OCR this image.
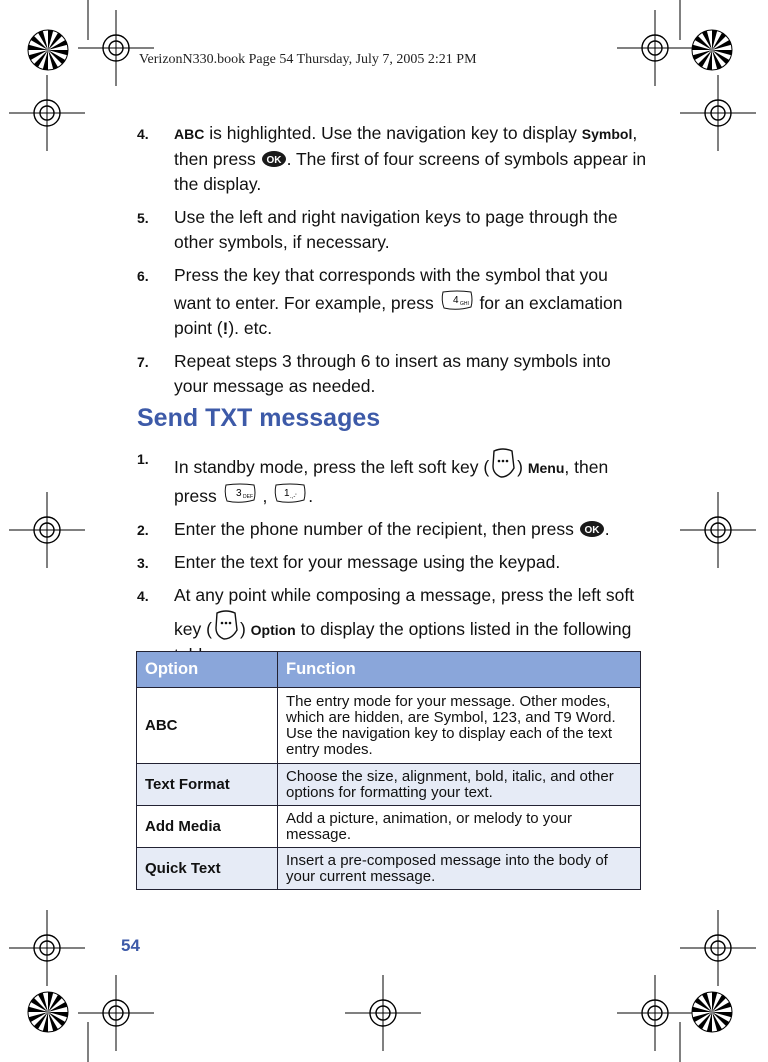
VerizonN330.book Page 54 Thursday, July 7, 2005 2:21 PM
4. ABC is highlighted. Use the navigation key to display Symbol, then press OK . The first of four screens of symbols appear in the display.
5. Use the left and right navigation keys to page through the other symbols, if necessary.
6. Press the key that corresponds with the symbol that you want to enter. For example, press 4 GHI for an exclamation point (!). etc.
7. Repeat steps 3 through 6 to insert as many symbols into your message as needed.
Send TXT messages
1. In standby mode, press the left soft key ( ) Menu, then press 3 DEF , 1 .,-' .
2. Enter the phone number of the recipient, then press OK .
3. Enter the text for your message using the keypad.
4. At any point while composing a message, press the left soft key ( ) Option to display the options listed in the following
Option	Function
ABC	The entry mode for your message. Other modes, which are hidden, are Symbol, 123, and T9 Word. Use the navigation key to display each of the text entry modes.
Text Format	Choose the size, alignment, bold, italic, and other options for formatting your text.
Add Media	Add a picture, animation, or melody to your message.
Quick Text	Insert a pre-composed message into the body of your current message.
54
